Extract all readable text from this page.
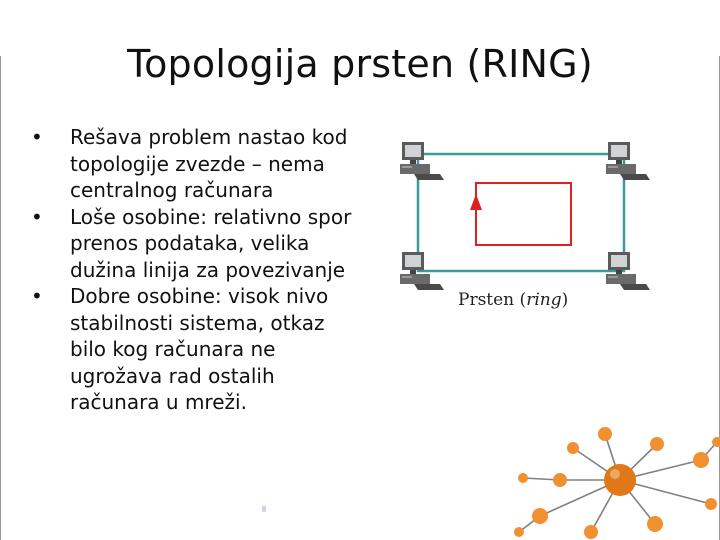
Topologija prsten (RING)
• Rešava problem nastao kod topologije zvezde – nema centralnog računara
• Loše osobine: relativno spor prenos podataka, velika dužina linija za povezivanje
• Dobre osobine: visok nivo stabilnosti sistema, otkaz bilo kog računara ne ugrožava rad ostalih računara u mreži.
Prsten (ring)
